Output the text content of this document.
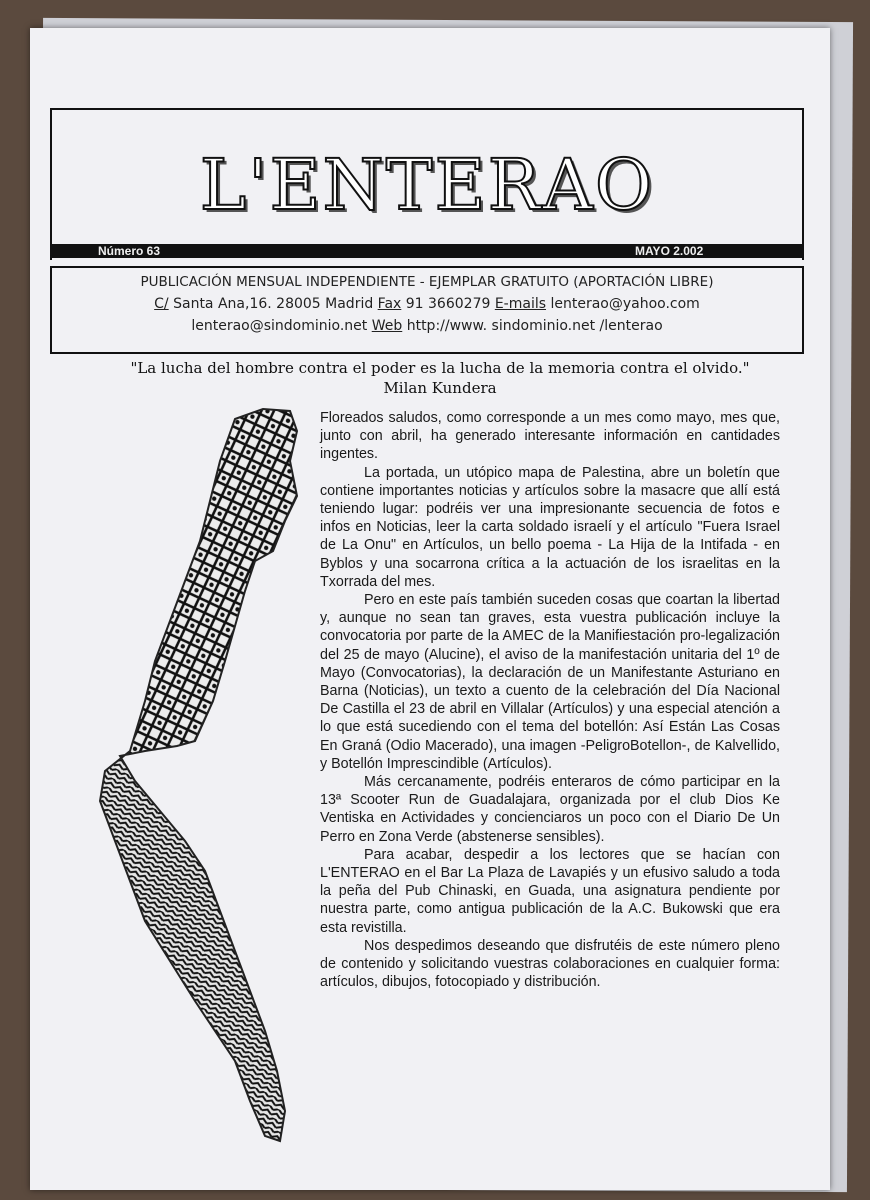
L'ENTERAO
Número 63	MAYO 2.002
PUBLICACIÓN MENSUAL INDEPENDIENTE - EJEMPLAR GRATUITO (APORTACIÓN LIBRE)
C/ Santa Ana,16. 28005 Madrid Fax 91 3660279 E-mails lenterao@yahoo.com
lenterao@sindominio.net Web http://www. sindominio.net /lenterao
"La lucha del hombre contra el poder es la lucha de la memoria contra el olvido."
Milan Kundera

Floreados saludos, como corresponde a un mes como mayo, mes que, junto con abril, ha generado interesante información en cantidades ingentes.

La portada, un utópico mapa de Palestina, abre un boletín que contiene importantes noticias y artículos sobre la masacre que allí está teniendo lugar: podréis ver una impresionante secuencia de fotos e infos en Noticias, leer la carta soldado israelí y el artículo "Fuera Israel de La Onu" en Artículos, un bello poema - La Hija de la Intifada - en Byblos y una socarrona crítica a la actuación de los israelitas en la Txorrada del mes.

Pero en este país también suceden cosas que coartan la libertad y, aunque no sean tan graves, esta vuestra publicación incluye la convocatoria por parte de la AMEC de la Manifiestación pro-legalización del 25 de mayo (Alucine), el aviso de la manifestación unitaria del 1º de Mayo (Convocatorias), la declaración de un Manifestante Asturiano en Barna (Noticias), un texto a cuento de la celebración del Día Nacional De Castilla el 23 de abril en Villalar (Artículos) y una especial atención a lo que está sucediendo con el tema del botellón: Así Están Las Cosas En Graná (Odio Macerado), una imagen -PeligroBotellon-, de Kalvellido, y Botellón Imprescindible (Artículos).

Más cercanamente, podréis enteraros de cómo participar en la 13ª Scooter Run de Guadalajara, organizada por el club Dios Ke Ventiska en Actividades y concienciaros un poco con el Diario De Un Perro en Zona Verde (abstenerse sensibles).

Para acabar, despedir a los lectores que se hacían con L'ENTERAO en el Bar La Plaza de Lavapiés y un efusivo saludo a toda la peña del Pub Chinaski, en Guada, una asignatura pendiente por nuestra parte, como antigua publicación de la A.C. Bukowski que era esta revistilla.

Nos despedimos deseando que disfrutéis de este número pleno de contenido y solicitando vuestras colaboraciones en cualquier forma: artículos, dibujos, fotocopiado y distribución.
